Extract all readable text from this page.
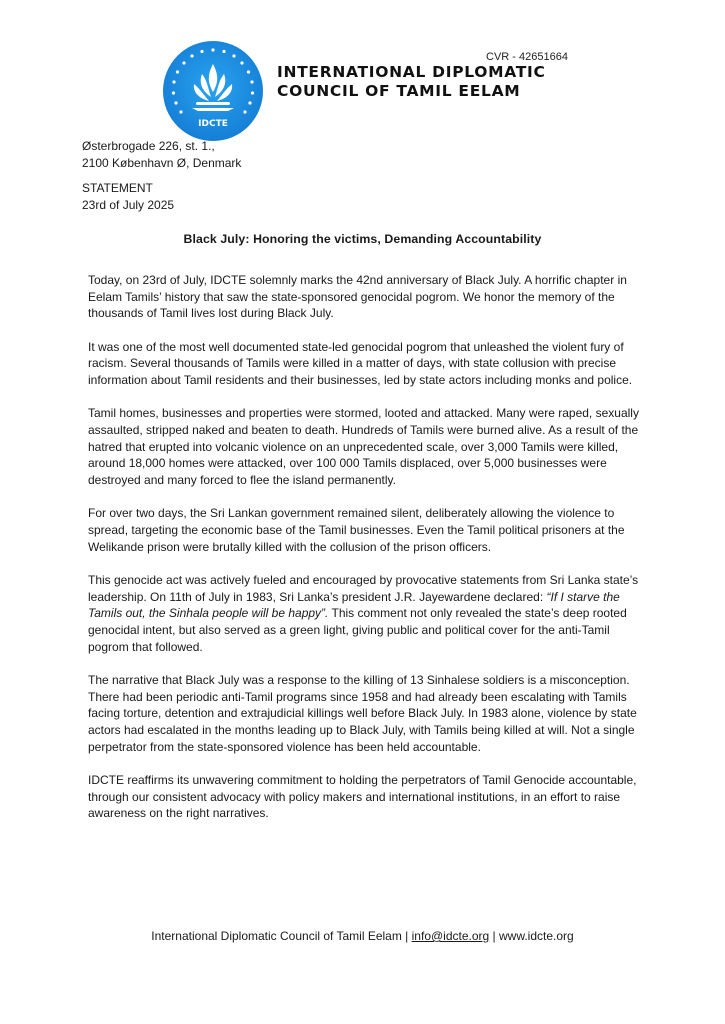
IDCTE
CVR - 42651664
INTERNATIONAL DIPLOMATIC
COUNCIL OF TAMIL EELAM
Østerbrogade 226, st. 1.,
2100 København Ø, Denmark
STATEMENT
23rd of July 2025
Black July: Honoring the victims, Demanding Accountability

Today, on 23rd of July, IDCTE solemnly marks the 42nd anniversary of Black July. A horrific chapter in Eelam Tamils’ history that saw the state-sponsored genocidal pogrom. We honor the memory of the thousands of Tamil lives lost during Black July.

It was one of the most well documented state-led genocidal pogrom that unleashed the violent fury of racism. Several thousands of Tamils were killed in a matter of days, with state collusion with precise information about Tamil residents and their businesses, led by state actors including monks and police.

Tamil homes, businesses and properties were stormed, looted and attacked. Many were raped, sexually assaulted, stripped naked and beaten to death. Hundreds of Tamils were burned alive. As a result of the hatred that erupted into volcanic violence on an unprecedented scale, over 3,000 Tamils were killed, around 18,000 homes were attacked, over 100 000 Tamils displaced, over 5,000 businesses were destroyed and many forced to flee the island permanently.

For over two days, the Sri Lankan government remained silent, deliberately allowing the violence to spread, targeting the economic base of the Tamil businesses. Even the Tamil political prisoners at the Welikande prison were brutally killed with the collusion of the prison officers.

This genocide act was actively fueled and encouraged by provocative statements from Sri Lanka state’s leadership. On 11th of July in 1983, Sri Lanka’s president J.R. Jayewardene declared: “If I starve the Tamils out, the Sinhala people will be happy”. This comment not only revealed the state’s deep rooted genocidal intent, but also served as a green light, giving public and political cover for the anti-Tamil pogrom that followed.

The narrative that Black July was a response to the killing of 13 Sinhalese soldiers is a misconception. There had been periodic anti-Tamil programs since 1958 and had already been escalating with Tamils facing torture, detention and extrajudicial killings well before Black July. In 1983 alone, violence by state actors had escalated in the months leading up to Black July, with Tamils being killed at will. Not a single perpetrator from the state-sponsored violence has been held accountable.

IDCTE reaffirms its unwavering commitment to holding the perpetrators of Tamil Genocide accountable, through our consistent advocacy with policy makers and international institutions, in an effort to raise awareness on the right narratives.

International Diplomatic Council of Tamil Eelam | info@idcte.org | www.idcte.org
